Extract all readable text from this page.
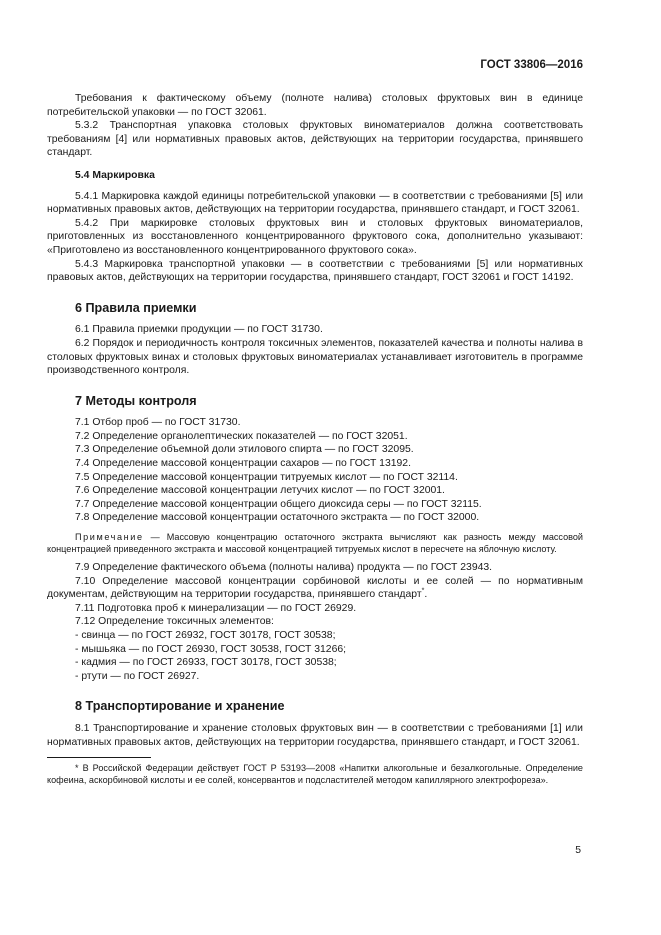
ГОСТ 33806—2016

Требования к фактическому объему (полноте налива) столовых фруктовых вин в единице потребительской упаковки — по ГОСТ 32061.

5.3.2 Транспортная упаковка столовых фруктовых виноматериалов должна соответствовать требованиям [4] или нормативных правовых актов, действующих на территории государства, принявшего стандарт.

5.4 Маркировка

5.4.1 Маркировка каждой единицы потребительской упаковки — в соответствии с требованиями [5] или нормативных правовых актов, действующих на территории государства, принявшего стандарт, и ГОСТ 32061.

5.4.2 При маркировке столовых фруктовых вин и столовых фруктовых виноматериалов, приготовленных из восстановленного концентрированного фруктового сока, дополнительно указывают: «Приготовлено из восстановленного концентрированного фруктового сока».

5.4.3 Маркировка транспортной упаковки — в соответствии с требованиями [5] или нормативных правовых актов, действующих на территории государства, принявшего стандарт, ГОСТ 32061 и ГОСТ 14192.

6 Правила приемки

6.1 Правила приемки продукции — по ГОСТ 31730.

6.2 Порядок и периодичность контроля токсичных элементов, показателей качества и полноты налива в столовых фруктовых винах и столовых фруктовых виноматериалах устанавливает изготовитель в программе производственного контроля.

7 Методы контроля

7.1 Отбор проб — по ГОСТ 31730.

7.2 Определение органолептических показателей — по ГОСТ 32051.

7.3 Определение объемной доли этилового спирта — по ГОСТ 32095.

7.4 Определение массовой концентрации сахаров — по ГОСТ 13192.

7.5 Определение массовой концентрации титруемых кислот — по ГОСТ 32114.

7.6 Определение массовой концентрации летучих кислот — по ГОСТ 32001.

7.7 Определение массовой концентрации общего диоксида серы — по ГОСТ 32115.

7.8 Определение массовой концентрации остаточного экстракта — по ГОСТ 32000.

Примечание — Массовую концентрацию остаточного экстракта вычисляют как разность между массовой концентрацией приведенного экстракта и массовой концентрацией титруемых кислот в пересчете на яблочную кислоту.

7.9 Определение фактического объема (полноты налива) продукта — по ГОСТ 23943.

7.10 Определение массовой концентрации сорбиновой кислоты и ее солей — по нормативным документам, действующим на территории государства, принявшего стандарт*.

7.11 Подготовка проб к минерализации — по ГОСТ 26929.

7.12 Определение токсичных элементов:

- свинца — по ГОСТ 26932, ГОСТ 30178, ГОСТ 30538;

- мышьяка — по ГОСТ 26930, ГОСТ 30538, ГОСТ 31266;

- кадмия — по ГОСТ 26933, ГОСТ 30178, ГОСТ 30538;

- ртути — по ГОСТ 26927.

8 Транспортирование и хранение

8.1 Транспортирование и хранение столовых фруктовых вин — в соответствии с требованиями [1] или нормативных правовых актов, действующих на территории государства, принявшего стандарт, и ГОСТ 32061.

* В Российской Федерации действует ГОСТ Р 53193—2008 «Напитки алкогольные и безалкогольные. Определение кофеина, аскорбиновой кислоты и ее солей, консервантов и подсластителей методом капиллярного электрофореза».

5
